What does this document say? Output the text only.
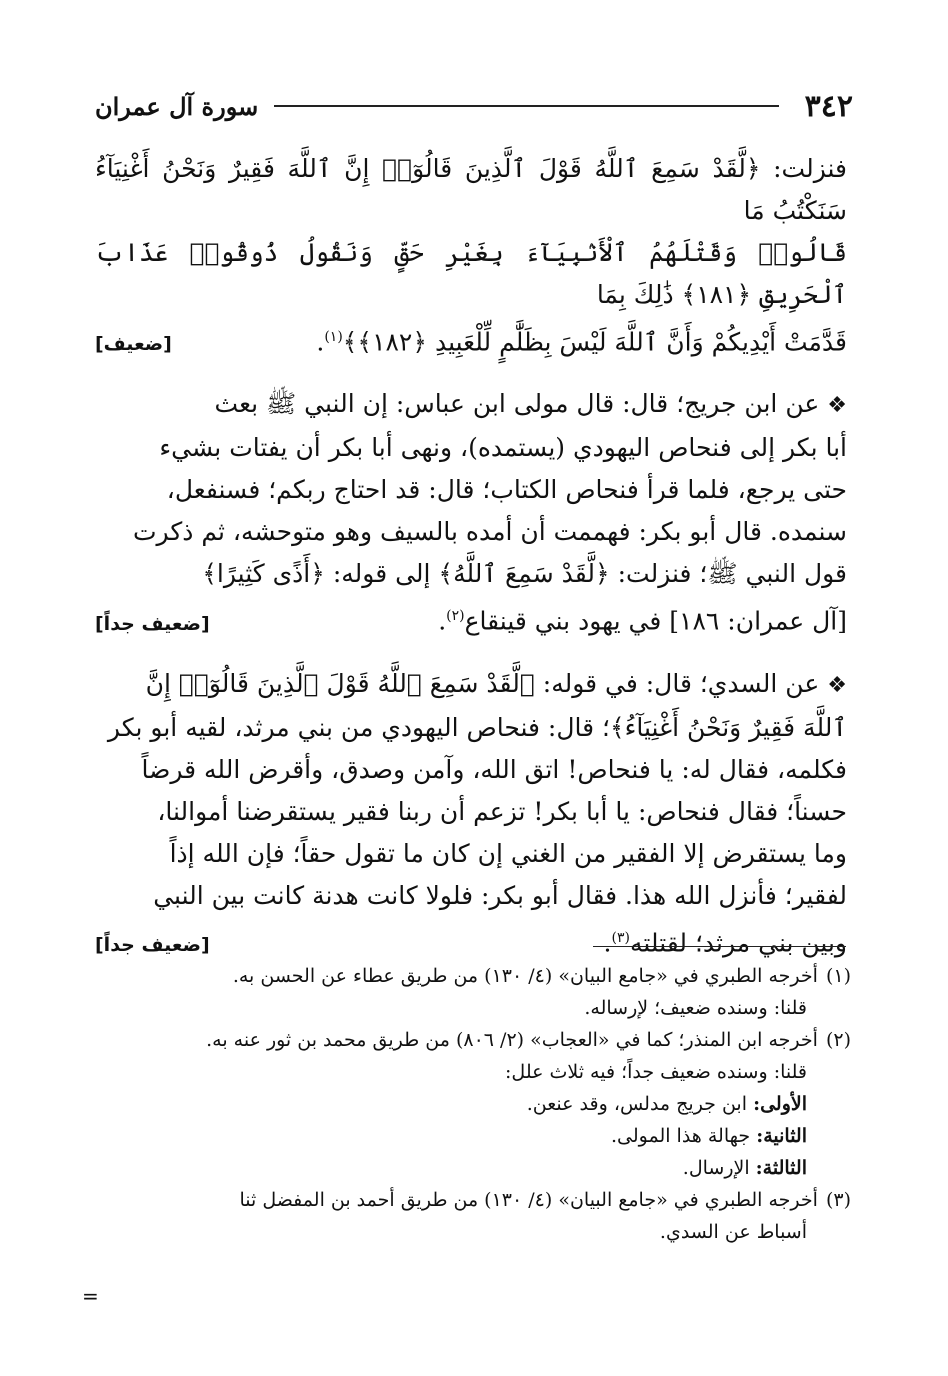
٣٤٢
سورة آل عمران
فنزلت: ﴿لَّقَدْ سَمِعَ ٱللَّهُ قَوْلَ ٱلَّذِينَ قَالُوٓا۟ إِنَّ ٱللَّهَ فَقِيرٌ وَنَحْنُ أَغْنِيَآءُ سَنَكْتُبُ مَا
قَالُوا۟ وَقَتْلَهُمُ ٱلْأَنۢبِيَآءَ بِغَيْرِ حَقٍّ وَنَقُولُ ذُوقُوا۟ عَذَابَ ٱلْحَرِيقِ ﴿١٨١﴾ ذَٰلِكَ بِمَا
قَدَّمَتْ أَيْدِيكُمْ وَأَنَّ ٱللَّهَ لَيْسَ بِظَلَّٰمٍ لِّلْعَبِيدِ ﴿١٨٢﴾﴾$^{(١)}$.
[ضعيف]
❖عن ابن جريج؛ قال: قال مولى ابن عباس: إن النبي ﷺ بعث
أبا بكر إلى فنحاص اليهودي (يستمده)، ونهى أبا بكر أن يفتات بشيء
حتى يرجع، فلما قرأ فنحاص الكتاب؛ قال: قد احتاج ربكم؛ فسنفعل،
سنمده. قال أبو بكر: فهممت أن أمده بالسيف وهو متوحشه، ثم ذكرت
قول النبي ﷺ؛ فنزلت: ﴿لَّقَدْ سَمِعَ ٱللَّهُ﴾ إلى قوله: ﴿أَذًى كَثِيرًا﴾
[آل عمران: ١٨٦] في يهود بني قينقاع$^{(٢)}$.
[ضعيف جداً]
❖عن السدي؛ قال: في قوله: ﴿لَّقَدْ سَمِعَ ٱللَّهُ قَوْلَ ٱلَّذِينَ قَالُوٓا۟ إِنَّ
ٱللَّهَ فَقِيرٌ وَنَحْنُ أَغْنِيَآءُ﴾؛ قال: فنحاص اليهودي من بني مرثد، لقيه أبو بكر
فكلمه، فقال له: يا فنحاص! اتق الله، وآمن وصدق، وأقرض الله قرضاً
حسناً؛ فقال فنحاص: يا أبا بكر! تزعم أن ربنا فقير يستقرضنا أموالنا،
وما يستقرض إلا الفقير من الغني إن كان ما تقول حقاً؛ فإن الله إذاً
لفقير؛ فأنزل الله هذا. فقال أبو بكر: فلولا كانت هدنة كانت بين النبي
وبين بني مرثد؛ لقتلته$^{(٣)}$.
[ضعيف جداً]
(١)أخرجه الطبري في «جامع البيان» (٤/ ١٣٠) من طريق عطاء عن الحسن به.
قلنا: وسنده ضعيف؛ لإرساله.
(٢)أخرجه ابن المنذر؛ كما في «العجاب» (٢/ ٨٠٦) من طريق محمد بن ثور عنه به.
قلنا: وسنده ضعيف جداً؛ فيه ثلاث علل:
الأولى: ابن جريج مدلس، وقد عنعن.
الثانية: جهالة هذا المولى.
الثالثة: الإرسال.
(٣)أخرجه الطبري في «جامع البيان» (٤/ ١٣٠) من طريق أحمد بن المفضل ثنا
أسباط عن السدي.
=
